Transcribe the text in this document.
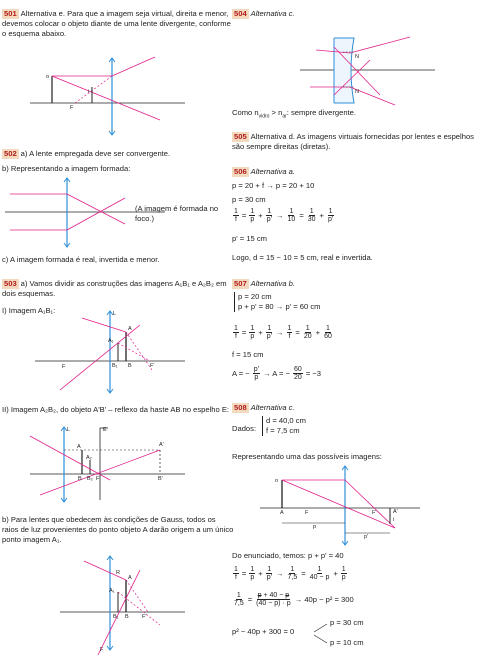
501 Alternativa e. Para que a imagem seja virtual, direita e menor, devemos colocar o objeto diante de uma lente divergente, conforme o esquema abaixo.
o
i
F
502 a) A lente empregada deve ser convergente.
b) Representando a imagem formada:
(A imagem é formada no foco.)
c) A imagem formada é real, invertida e menor.
503 a) Vamos dividir as construções das imagens A₁B₁ e A₂B₂ em dois esquemas.
I) Imagem A₁B₁:	L
A
A₁
F	B
B₁	F'
II) Imagem A₂B₂, do objeto A'B' – reflexo da haste AB no espelho E:
L	E
A
A₂
A'
B B₂ F'	B'
b) Para lentes que obedecem às condições de Gauss, todos os raios de luz provenientes do ponto objeto A darão origem a um único ponto imagem A₁.
R
A
A₁
B₁ B F'
F
504 Alternativa c.
N
N
Como $n_{vidro} > n_{ar}$: sempre divergente.
505 Alternativa d. As imagens virtuais fornecidas por lentes e espelhos são sempre direitas (diretas).
506 Alternativa a.
p = 20 + f → p = 20 + 10
p = 30 cm
$\frac{1}{f} = \frac{1}{p} + \frac{1}{p'} \to \frac{1}{10} = \frac{1}{30} + \frac{1}{p'}$
p' = 15 cm
Logo, d = 15 − 10 = 5 cm, real e invertida.
507 Alternativa b.
p = 20 cm
p + p' = 80 → p' = 60 cm
$\frac{1}{f} = \frac{1}{p} + \frac{1}{p'} \to \frac{1}{f} = \frac{1}{20} + \frac{1}{60}$
f = 15 cm
A = − $\frac{p'}{p} \to A$ = − $\frac{60}{20} = -3$
508 Alternativa c.
Dados:
d = 40,0 cm
f = 7,5 cm
Representando uma das possíveis imagens:
o
A	F	F'	A'
p
p'
i
Do enunciado, temos: p + p' = 40
$\frac{1}{f} = \frac{1}{p} + \frac{1}{p'} \to \frac{1}{7,5} = \frac{1}{40 - p} + \frac{1}{p}$
$\frac{1}{7,5} = \frac{p + 40 - p}{(40 - p) \cdot p} \to 40p - p^2 = 300$
p² − 40p + 300 = 0
p = 30 cm
p = 10 cm
